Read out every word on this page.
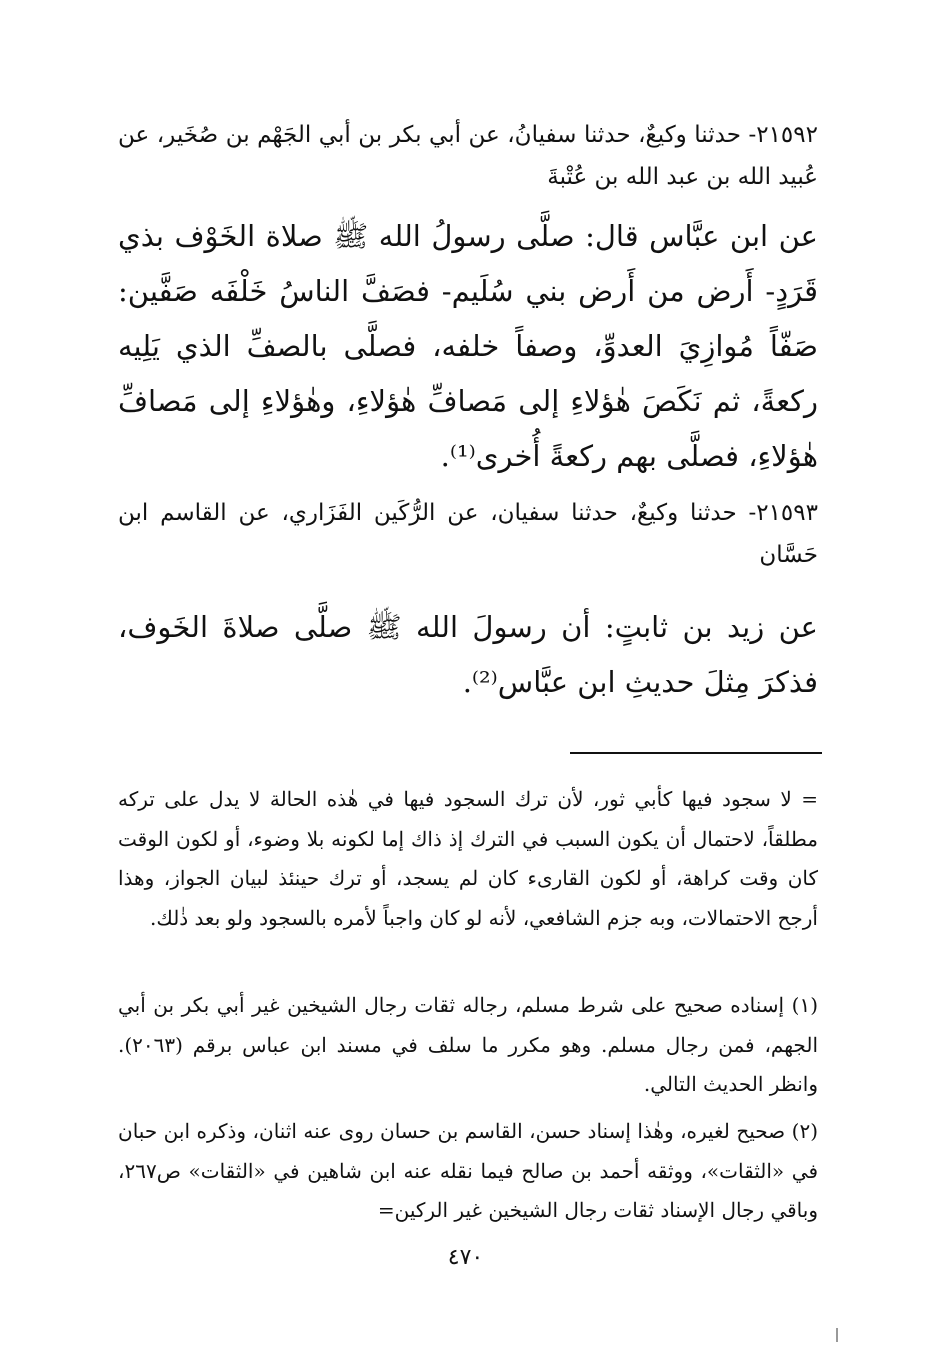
٢١٥٩٢- حدثنا وكيعٌ، حدثنا سفيانُ، عن أبي بكر بن أبي الجَهْم بن صُخَير، عن عُبيد الله بن عبد الله بن عُتْبةَ
عن ابن عبَّاس قال: صلَّى رسولُ الله ﷺ صلاة الخَوْف بذي قَرَدٍ- أَرض من أَرض بني سُلَيم- فصَفَّ الناسُ خَلْفَه صَفَّين: صَفّاً مُوازِيَ العدوِّ، وصفاً خلفه، فصلَّى بالصفِّ الذي يَلِيه ركعةً، ثم نَكَصَ هٰؤلاءِ إلى مَصافِّ هٰؤلاءِ، وهٰؤلاءِ إلى مَصافِّ هٰؤلاءِ، فصلَّى بهم ركعةً أُخرى⁽¹⁾.
٢١٥٩٣- حدثنا وكيعٌ، حدثنا سفيان، عن الرُّكَين الفَزَاري، عن القاسم ابن حَسَّان
عن زيد بن ثابتٍ: أن رسولَ الله ﷺ صلَّى صلاةَ الخَوف، فذكرَ مِثلَ حديثِ ابن عبَّاس⁽²⁾.
= لا سجود فيها كأبي ثور، لأن ترك السجود فيها في هٰذه الحالة لا يدل على تركه مطلقاً، لاحتمال أن يكون السبب في الترك إذ ذاك إما لكونه بلا وضوء، أو لكون الوقت كان وقت كراهة، أو لكون القارىء كان لم يسجد، أو ترك حينئذ لبيان الجواز، وهذا أرجح الاحتمالات، وبه جزم الشافعي، لأنه لو كان واجباً لأمره بالسجود ولو بعد ذٰلك.
(١) إسناده صحيح على شرط مسلم، رجاله ثقات رجال الشيخين غير أبي بكر بن أبي الجهم، فمن رجال مسلم. وهو مكرر ما سلف في مسند ابن عباس برقم (٢٠٦٣). وانظر الحديث التالي.
(٢) صحيح لغيره، وهٰذا إسناد حسن، القاسم بن حسان روى عنه اثنان، وذكره ابن حبان في «الثقات»، ووثقه أحمد بن صالح فيما نقله عنه ابن شاهين في «الثقات» ص٢٦٧، وباقي رجال الإسناد ثقات رجال الشيخين غير الركين=
٤٧٠
